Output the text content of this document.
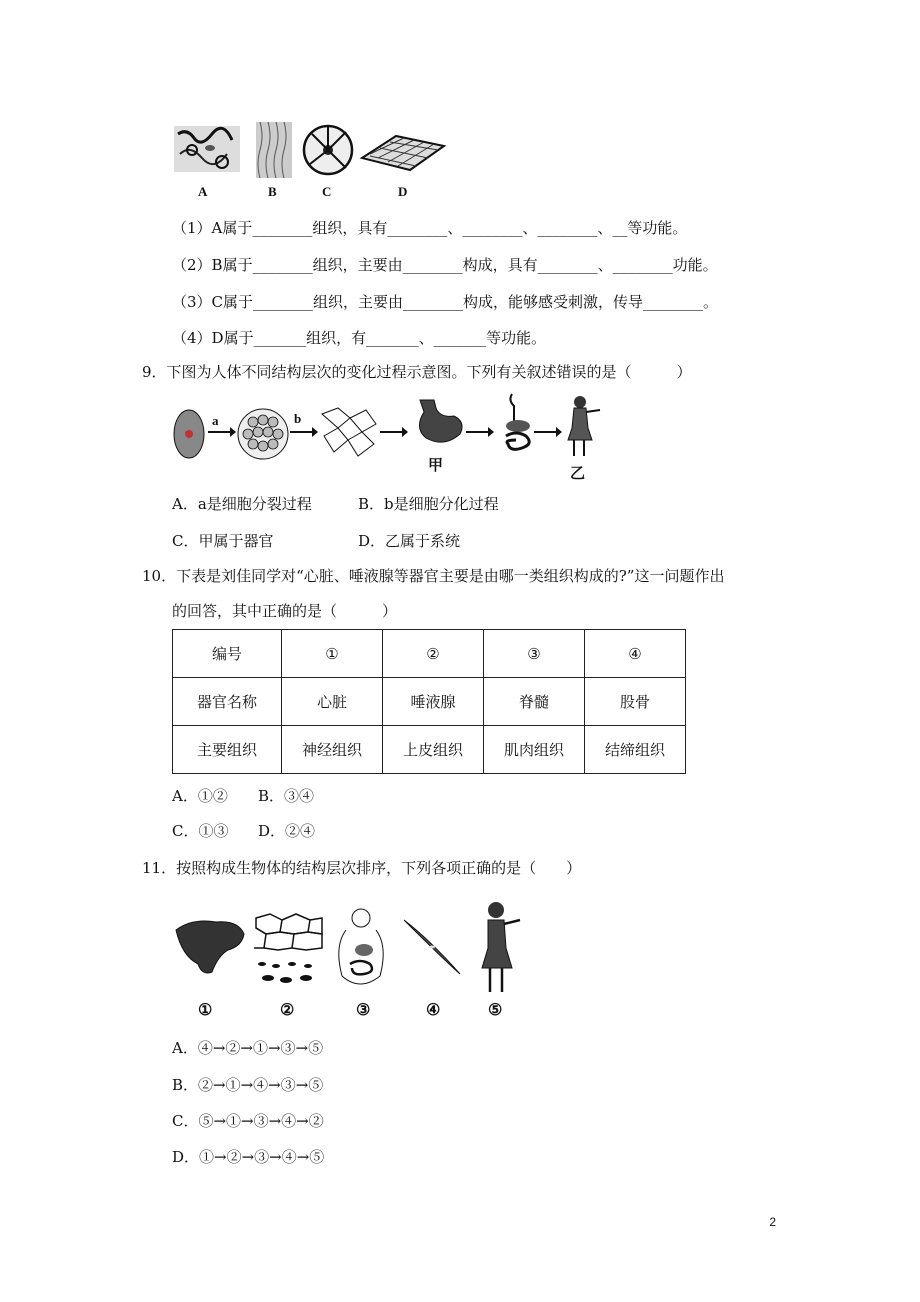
A	B	C	D
（1）A属于________组织，具有________、________、________、__等功能。
（2）B属于________组织，主要由________构成，具有________、________功能。
（3）C属于________组织，主要由________构成，能够感受刺激，传导________。
（4）D属于_______组织，有_______、_______等功能。
9．下图为人体不同结构层次的变化过程示意图。下列有关叙述错误的是（　　　）
a	b
甲	乙
A．a是细胞分裂过程	B．b是细胞分化过程
C．甲属于器官	D．乙属于系统
10．下表是刘佳同学对“心脏、唾液腺等器官主要是由哪一类组织构成的?”这一问题作出
的回答，其中正确的是（　　　）
编号	①	②	③	④
器官名称	心脏	唾液腺	脊髓	股骨
主要组织	神经组织	上皮组织	肌肉组织	结缔组织
A．①② B．③④
C．①③ D．②④
11．按照构成生物体的结构层次排序，下列各项正确的是（　　）
①	②	③	④	⑤
A．④→②→①→③→⑤
B．②→①→④→③→⑤
C．⑤→①→③→④→②
D．①→②→③→④→⑤
2
